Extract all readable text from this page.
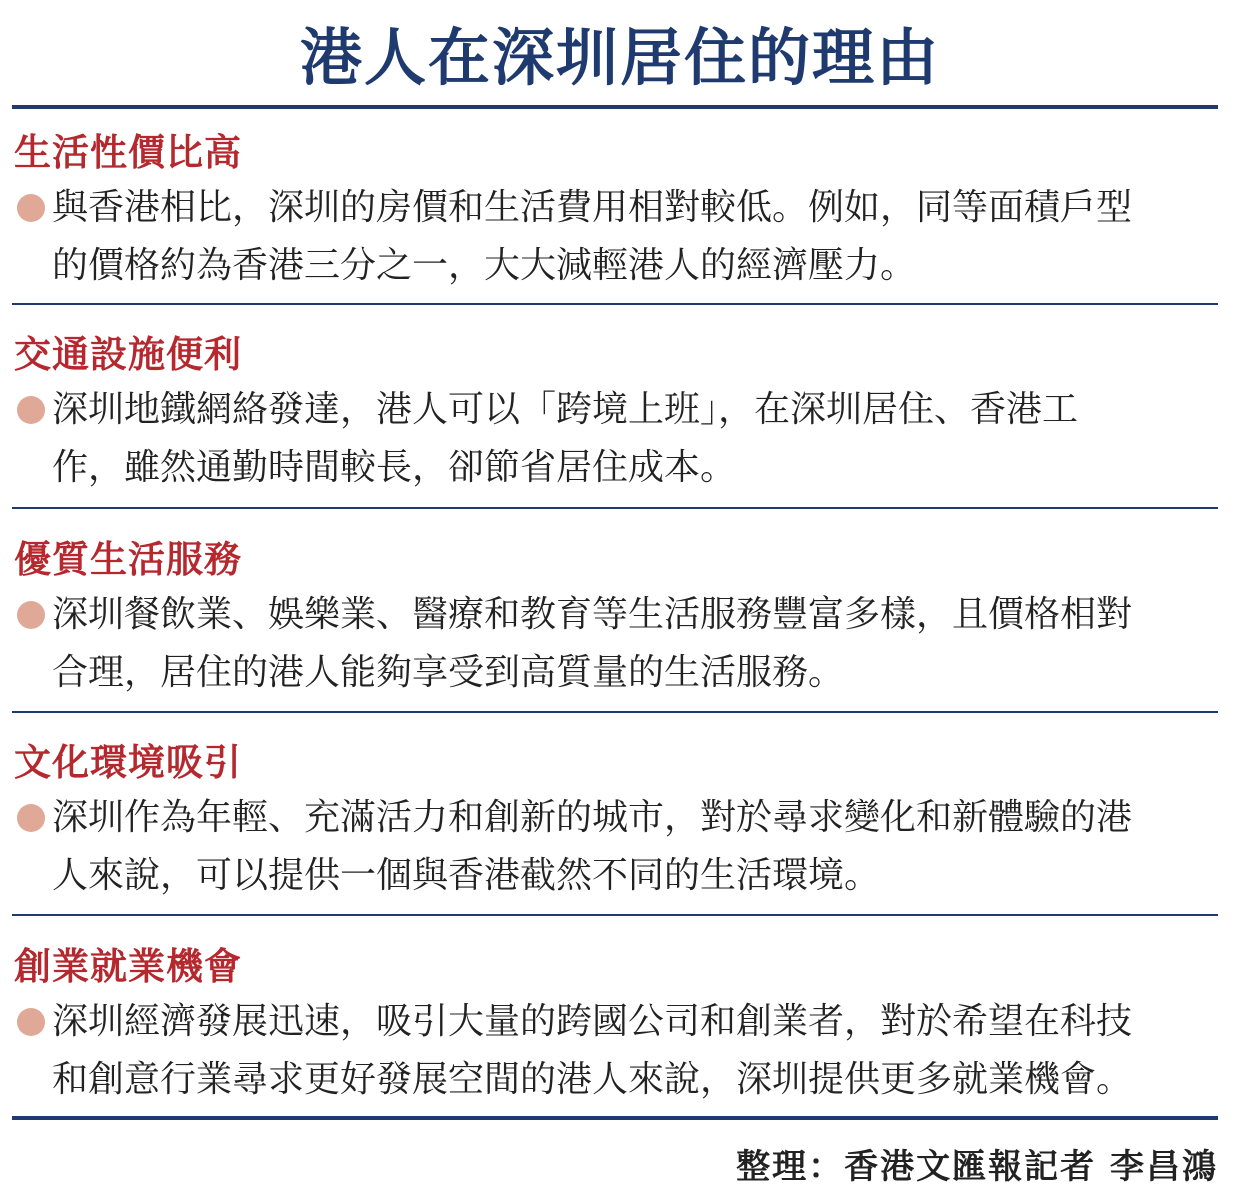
港人在深圳居住的理由
生活性價比高
與香港相比，深圳的房價和生活費用相對較低。例如，同等面積戶型
的價格約為香港三分之一，大大減輕港人的經濟壓力。
交通設施便利
深圳地鐵網絡發達，港人可以「跨境上班」，在深圳居住、香港工
作，雖然通勤時間較長，卻節省居住成本。
優質生活服務
深圳餐飲業、娛樂業、醫療和教育等生活服務豐富多樣，且價格相對
合理，居住的港人能夠享受到高質量的生活服務。
文化環境吸引
深圳作為年輕、充滿活力和創新的城市，對於尋求變化和新體驗的港
人來說，可以提供一個與香港截然不同的生活環境。
創業就業機會
深圳經濟發展迅速，吸引大量的跨國公司和創業者，對於希望在科技
和創意行業尋求更好發展空間的港人來說，深圳提供更多就業機會。
整理：香港文匯報記者 李昌鴻
